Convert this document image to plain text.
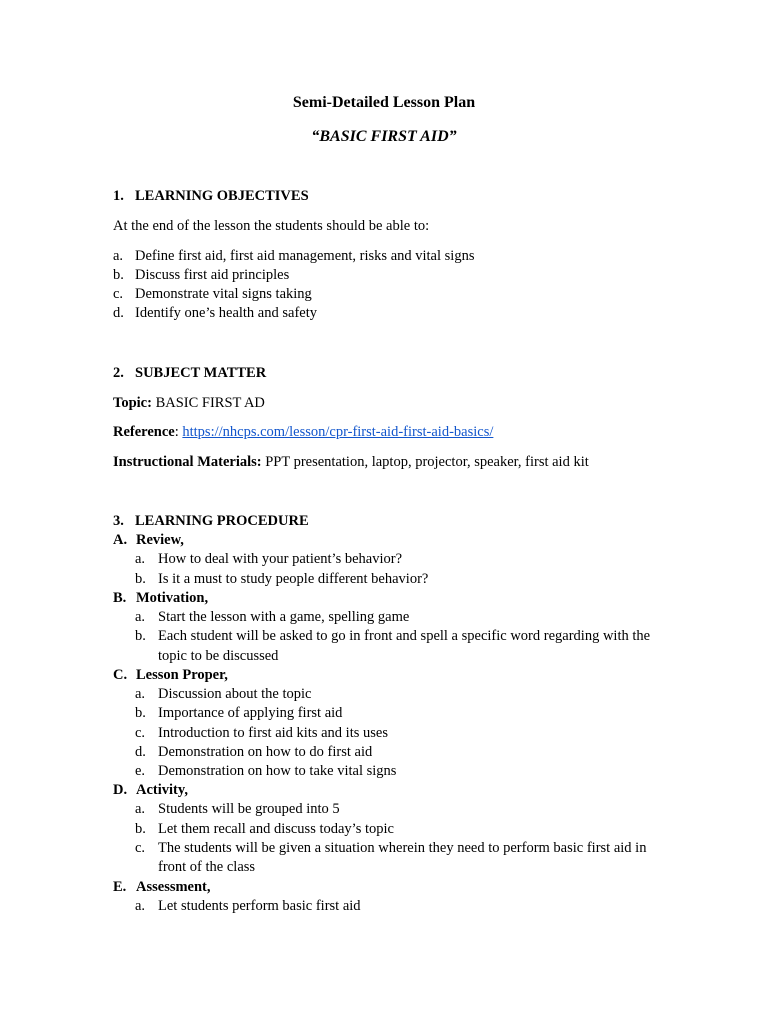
Semi-Detailed Lesson Plan
“BASIC FIRST AID”
1. LEARNING OBJECTIVES
At the end of the lesson the students should be able to:
a. Define first aid, first aid management, risks and vital signs
b. Discuss first aid principles
c. Demonstrate vital signs taking
d. Identify one’s health and safety
2. SUBJECT MATTER
Topic: BASIC FIRST AD
Reference: https://nhcps.com/lesson/cpr-first-aid-first-aid-basics/
Instructional Materials: PPT presentation, laptop, projector, speaker, first aid kit
3. LEARNING PROCEDURE
A. Review,
a. How to deal with your patient’s behavior?
b. Is it a must to study people different behavior?
B. Motivation,
a. Start the lesson with a game, spelling game
b. Each student will be asked to go in front and spell a specific word regarding with the
topic to be discussed
C. Lesson Proper,
a. Discussion about the topic
b. Importance of applying first aid
c. Introduction to first aid kits and its uses
d. Demonstration on how to do first aid
e. Demonstration on how to take vital signs
D. Activity,
a. Students will be grouped into 5
b. Let them recall and discuss today’s topic
c. The students will be given a situation wherein they need to perform basic first aid in
front of the class
E. Assessment,
a. Let students perform basic first aid
